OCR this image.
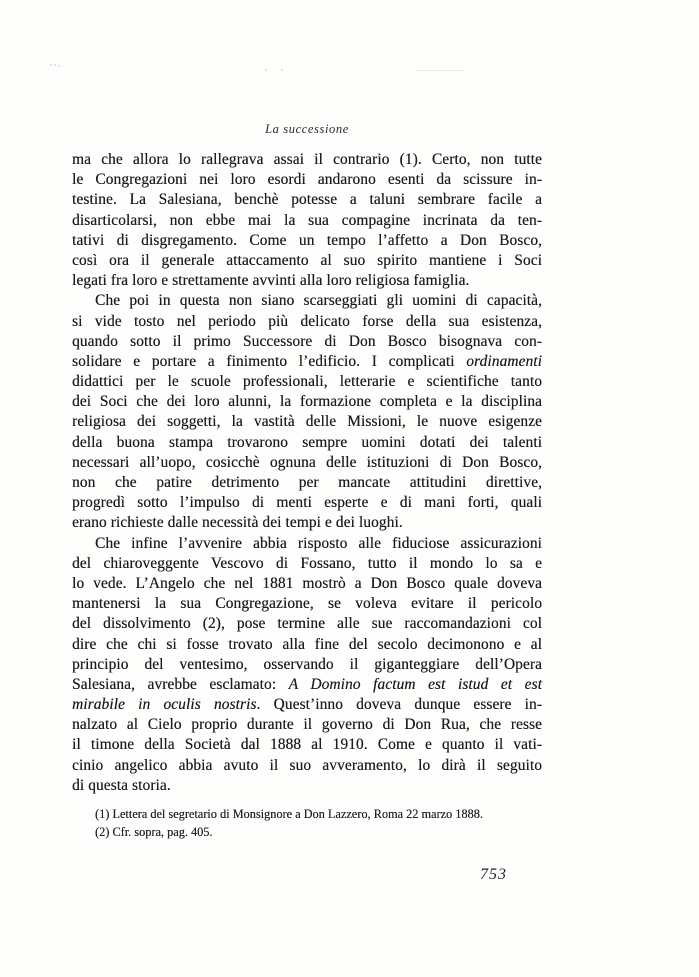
La successione
ma che allora lo rallegrava assai il contrario (1). Certo, non tutte
le Congregazioni nei loro esordi andarono esenti da scissure in-
testine. La Salesiana, benchè potesse a taluni sembrare facile a
disarticolarsi, non ebbe mai la sua compagine incrinata da ten-
tativi di disgregamento. Come un tempo l’affetto a Don Bosco,
così ora il generale attaccamento al suo spirito mantiene i Soci
legati fra loro e strettamente avvinti alla loro religiosa famiglia.
Che poi in questa non siano scarseggiati gli uomini di capacità,
si vide tosto nel periodo più delicato forse della sua esistenza,
quando sotto il primo Successore di Don Bosco bisognava con-
solidare e portare a finimento l’edificio. I complicati ordinamenti
didattici per le scuole professionali, letterarie e scientifiche tanto
dei Soci che dei loro alunni, la formazione completa e la disciplina
religiosa dei soggetti, la vastità delle Missioni, le nuove esigenze
della buona stampa trovarono sempre uomini dotati dei talenti
necessari all’uopo, cosicchè ognuna delle istituzioni di Don Bosco,
non che patire detrimento per mancate attitudini direttive,
progredì sotto l’impulso di menti esperte e di mani forti, quali
erano richieste dalle necessità dei tempi e dei luoghi.
Che infine l’avvenire abbia risposto alle fiduciose assicurazioni
del chiaroveggente Vescovo di Fossano, tutto il mondo lo sa e
lo vede. L’Angelo che nel 1881 mostrò a Don Bosco quale doveva
mantenersi la sua Congregazione, se voleva evitare il pericolo
del dissolvimento (2), pose termine alle sue raccomandazioni col
dire che chi si fosse trovato alla fine del secolo decimonono e al
principio del ventesimo, osservando il giganteggiare dell’Opera
Salesiana, avrebbe esclamato: A Domino factum est istud et est
mirabile in oculis nostris. Quest’inno doveva dunque essere in-
nalzato al Cielo proprio durante il governo di Don Rua, che resse
il timone della Società dal 1888 al 1910. Come e quanto il vati-
cinio angelico abbia avuto il suo avveramento, lo dirà il seguito
di questa storia.
(1) Lettera del segretario di Monsignore a Don Lazzero, Roma 22 marzo 1888.
(2) Cfr. sopra, pag. 405.
753
